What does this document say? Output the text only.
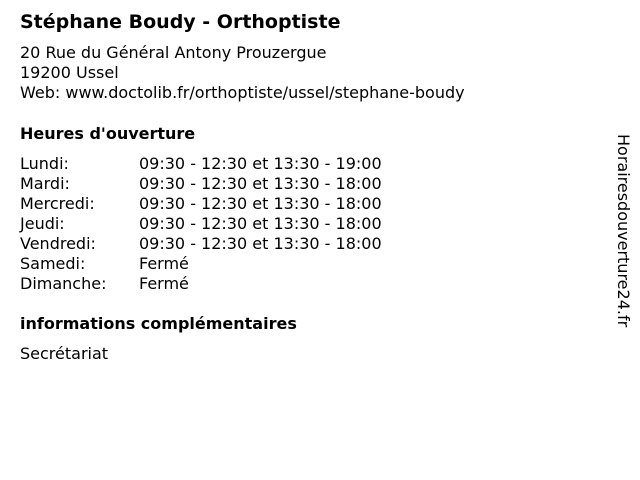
Stéphane Boudy - Orthoptiste
20 Rue du Général Antony Prouzergue
19200 Ussel
Web: www.doctolib.fr/orthoptiste/ussel/stephane-boudy
Heures d'ouverture
Lundi:	09:30 - 12:30 et 13:30 - 19:00
Mardi:	09:30 - 12:30 et 13:30 - 18:00
Mercredi:	09:30 - 12:30 et 13:30 - 18:00
Jeudi:	09:30 - 12:30 et 13:30 - 18:00
Vendredi:	09:30 - 12:30 et 13:30 - 18:00
Samedi:	Fermé
Dimanche: Fermé
informations complémentaires
Secrétariat
Horairesdouverture24.fr
